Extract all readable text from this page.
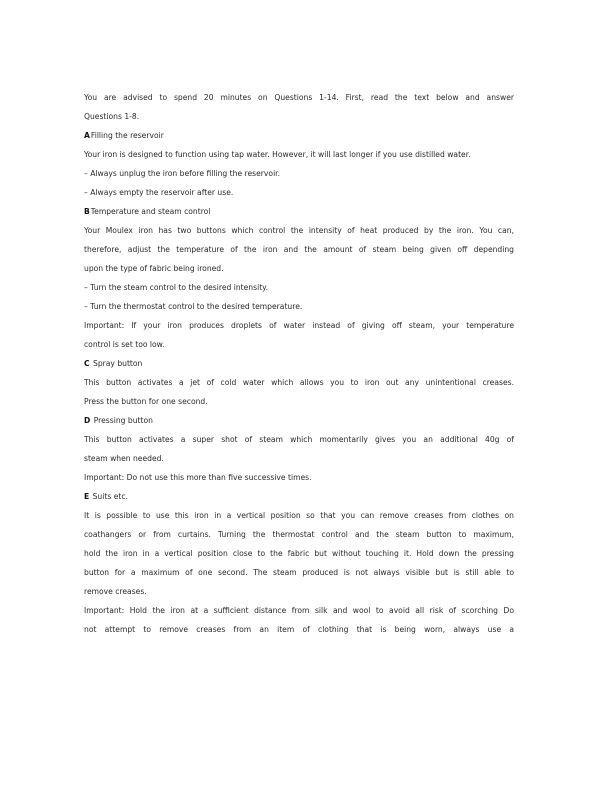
You are advised to spend 20 minutes on Questions 1-14. First, read the text below and answer
Questions 1-8.
AFilling the reservoir
Your iron is designed to function using tap water. However, it will last longer if you use distilled water.
– Always unplug the iron before filling the reservoir.
– Always empty the reservoir after use.
BTemperature and steam control
Your Moulex iron has two buttons which control the intensity of heat produced by the iron. You can,
therefore, adjust the temperature of the iron and the amount of steam being given off depending
upon the type of fabric being ironed.
– Turn the steam control to the desired intensity.
– Turn the thermostat control to the desired temperature.
Important: If your iron produces droplets of water instead of giving off steam, your temperature
control is set too low.
C Spray button
This button activates a jet of cold water which allows you to iron out any unintentional creases.
Press the button for one second.
D Pressing button
This button activates a super shot of steam which momentarily gives you an additional 40g of
steam when needed.
Important: Do not use this more than five successive times.
E Suits etc.
It is possible to use this iron in a vertical position so that you can remove creases from clothes on
coathangers or from curtains. Turning the thermostat control and the steam button to maximum,
hold the iron in a vertical position close to the fabric but without touching it. Hold down the pressing
button for a maximum of one second. The steam produced is not always visible but is still able to
remove creases.
Important: Hold the iron at a sufficient distance from silk and wool to avoid all risk of scorching Do
not attempt to remove creases from an item of clothing that is being worn, always use a
